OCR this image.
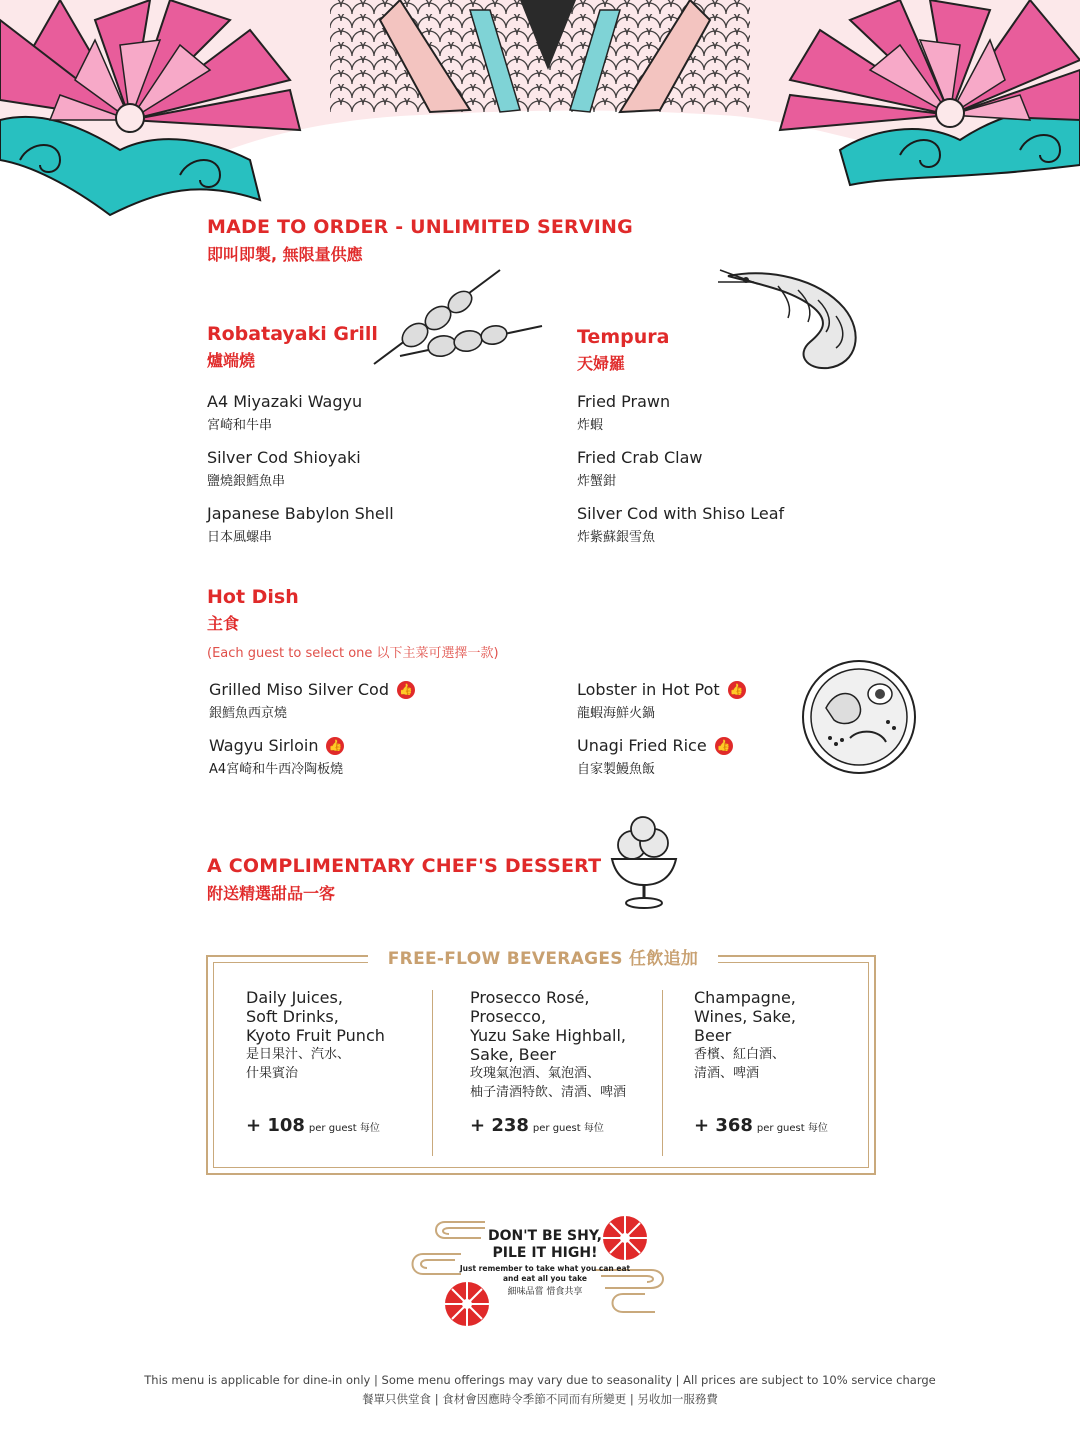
MADE TO ORDER - UNLIMITED SERVING
即叫即製, 無限量供應
Robatayaki Grill
爐端燒
A4 Miyazaki Wagyu
宮崎和牛串
Silver Cod Shioyaki
鹽燒銀鱈魚串
Japanese Babylon Shell
日本風螺串
Tempura
天婦羅
Fried Prawn
炸蝦
Fried Crab Claw
炸蟹鉗
Silver Cod with Shiso Leaf
炸紫蘇銀雪魚
Hot Dish
主食
(Each guest to select one 以下主菜可選擇一款)
Grilled Miso Silver Cod 👍
銀鱈魚西京燒
Wagyu Sirloin 👍
A4宮崎和牛西冷陶板燒
Lobster in Hot Pot 👍
龍蝦海鮮火鍋
Unagi Fried Rice 👍
自家製鰻魚飯
A COMPLIMENTARY CHEF'S DESSERT
附送精選甜品一客
FREE-FLOW BEVERAGES 任飲追加
Daily Juices,
Soft Drinks,
Kyoto Fruit Punch
是日果汁、汽水、
什果賓治
+ 108 per guest 每位
Prosecco Rosé,
Prosecco,
Yuzu Sake Highball,
Sake, Beer
玫瑰氣泡酒、氣泡酒、
柚子清酒特飲、清酒、啤酒
+ 238 per guest 每位
Champagne,
Wines, Sake,
Beer
香檳、紅白酒、
清酒、啤酒
+ 368 per guest 每位
DON'T BE SHY,
PILE IT HIGH!
Just remember to take what you can eat
and eat all you take
細味品嘗 惜食共享
This menu is applicable for dine-in only | Some menu offerings may vary due to seasonality | All prices are subject to 10% service charge
餐單只供堂食 | 食材會因應時令季節不同而有所變更 | 另收加一服務費
